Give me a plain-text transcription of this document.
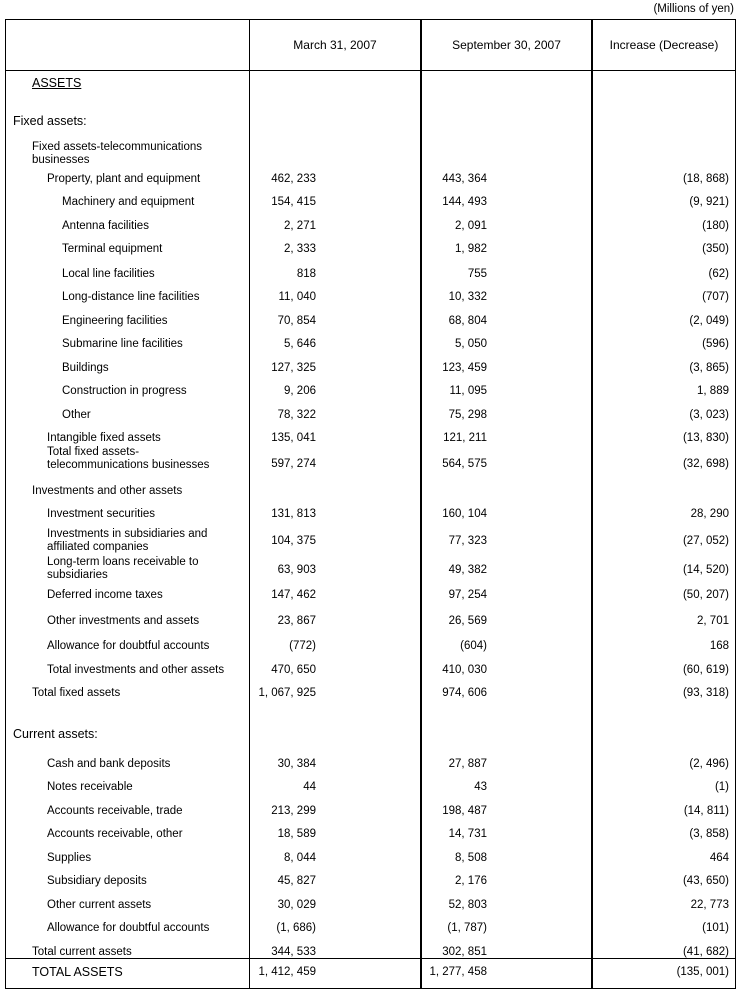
(Millions of yen)
March 31, 2007	September 30, 2007	Increase (Decrease)
ASSETS
Fixed assets:
Current assets:
Fixed assets-telecommunications
businesses
Property, plant and equipment	462, 233	443, 364	(18, 868)
Machinery and equipment	154, 415	144, 493	(9, 921)
Antenna facilities	2, 271	2, 091	(180)
Terminal equipment	2, 333	1, 982	(350)
Local line facilities	818	755	(62)
Long-distance line facilities	11, 040	10, 332	(707)
Engineering facilities	70, 854	68, 804	(2, 049)
Submarine line facilities	5, 646	5, 050	(596)
Buildings	127, 325	123, 459	(3, 865)
Construction in progress	9, 206	11, 095	1, 889
Other	78, 322	75, 298	(3, 023)
Intangible fixed assets	135, 041	121, 211	(13, 830)
Total fixed assets-
telecommunications businesses	597, 274	564, 575	(32, 698)
Investments and other assets
Investment securities	131, 813	160, 104	28, 290
Investments in subsidiaries and
affiliated companies	104, 375	77, 323	(27, 052)
Long-term loans receivable to
subsidiaries	63, 903	49, 382	(14, 520)
Deferred income taxes	147, 462	97, 254	(50, 207)
Other investments and assets	23, 867	26, 569	2, 701
Allowance for doubtful accounts	(772)	(604)	168
Total investments and other assets	470, 650	410, 030	(60, 619)
Total fixed assets	1, 067, 925	974, 606	(93, 318)
Cash and bank deposits	30, 384	27, 887	(2, 496)
Notes receivable	44	43	(1)
Accounts receivable, trade	213, 299	198, 487	(14, 811)
Accounts receivable, other	18, 589	14, 731	(3, 858)
Supplies	8, 044	8, 508	464
Subsidiary deposits	45, 827	2, 176	(43, 650)
Other current assets	30, 029	52, 803	22, 773
Allowance for doubtful accounts	(1, 686)	(1, 787)	(101)
Total current assets	344, 533	302, 851	(41, 682)
TOTAL ASSETS	1, 412, 459	1, 277, 458	(135, 001)
